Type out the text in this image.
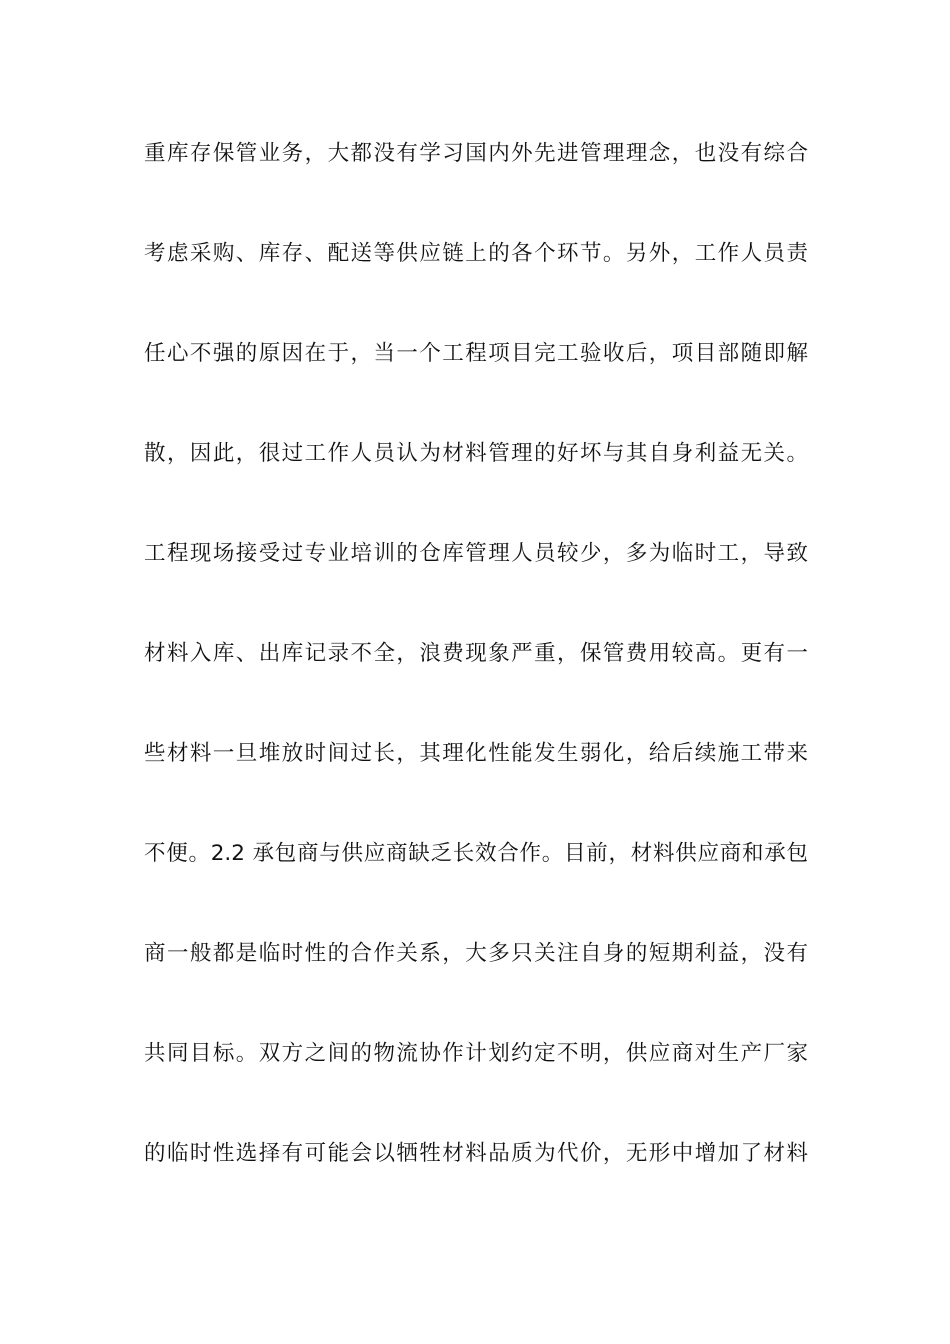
重库存保管业务，大都没有学习国内外先进管理理念，也没有综合
考虑采购、库存、配送等供应链上的各个环节。另外，工作人员责
任心不强的原因在于，当一个工程项目完工验收后，项目部随即解
散，因此，很过工作人员认为材料管理的好坏与其自身利益无关。
工程现场接受过专业培训的仓库管理人员较少，多为临时工，导致
材料入库、出库记录不全，浪费现象严重，保管费用较高。更有一
些材料一旦堆放时间过长，其理化性能发生弱化，给后续施工带来
不便。2.2 承包商与供应商缺乏长效合作。目前，材料供应商和承包
商一般都是临时性的合作关系，大多只关注自身的短期利益，没有
共同目标。双方之间的物流协作计划约定不明，供应商对生产厂家
的临时性选择有可能会以牺牲材料品质为代价，无形中增加了材料
